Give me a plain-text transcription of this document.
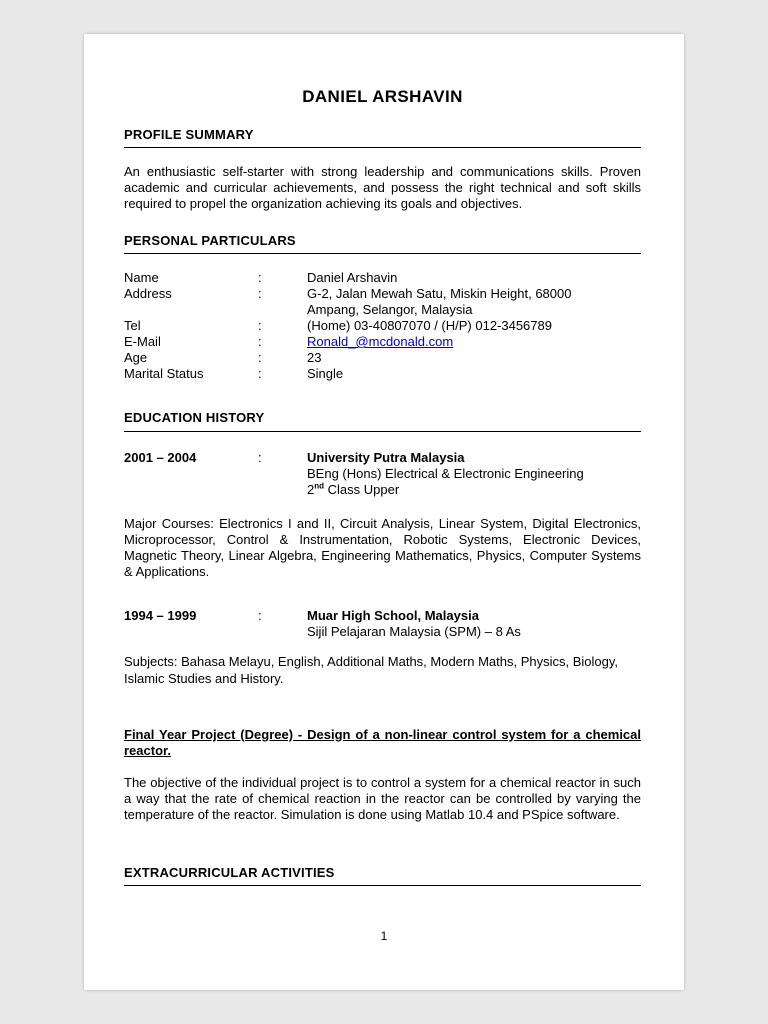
DANIEL ARSHAVIN
PROFILE SUMMARY

An enthusiastic self-starter with strong leadership and communications skills. Proven academic and curricular achievements, and possess the right technical and soft skills required to propel the organization achieving its goals and objectives.

PERSONAL PARTICULARS
Name	:	Daniel Arshavin
Address	:	G-2, Jalan Mewah Satu, Miskin Height, 68000
Ampang, Selangor, Malaysia
Tel	:	(Home) 03-40807070 / (H/P) 012-3456789
E-Mail	:	Ronald_@mcdonald.com
Age	:	23
Marital Status	:	Single
EDUCATION HISTORY
2001 – 2004	:	University Putra Malaysia
BEng (Hons) Electrical & Electronic Engineering
2nd Class Upper

Major Courses: Electronics I and II, Circuit Analysis, Linear System, Digital Electronics, Microprocessor, Control & Instrumentation, Robotic Systems, Electronic Devices, Magnetic Theory, Linear Algebra, Engineering Mathematics, Physics, Computer Systems & Applications.

1994 – 1999	:	Muar High School, Malaysia
Sijil Pelajaran Malaysia (SPM) – 8 As

Subjects: Bahasa Melayu, English, Additional Maths, Modern Maths, Physics, Biology, Islamic Studies and History.

Final Year Project (Degree) - Design of a non-linear control system for a chemical reactor.

The objective of the individual project is to control a system for a chemical reactor in such a way that the rate of chemical reaction in the reactor can be controlled by varying the temperature of the reactor. Simulation is done using Matlab 10.4 and PSpice software.

EXTRACURRICULAR ACTIVITIES
1
